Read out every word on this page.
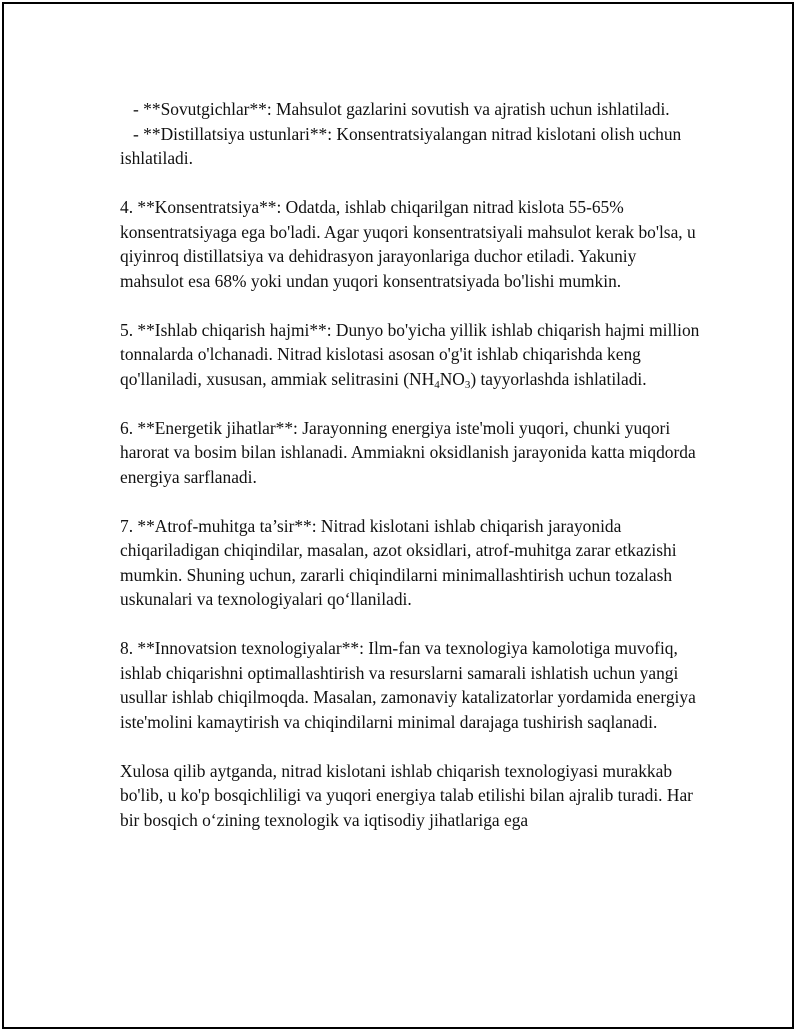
- **Sovutgichlar**: Mahsulot gazlarini sovutish va ajratish uchun ishlatiladi.

- **Distillatsiya ustunlari**: Konsentratsiyalangan nitrad kislotani olish uchun ishlatiladi.

4. **Konsentratsiya**: Odatda, ishlab chiqarilgan nitrad kislota 55-65% konsentratsiyaga ega bo'ladi. Agar yuqori konsentratsiyali mahsulot kerak bo'lsa, u qiyinroq distillatsiya va dehidrasyon jarayonlariga duchor etiladi. Yakuniy mahsulot esa 68% yoki undan yuqori konsentratsiyada bo'lishi mumkin.

5. **Ishlab chiqarish hajmi**: Dunyo bo'yicha yillik ishlab chiqarish hajmi million tonnalarda o'lchanadi. Nitrad kislotasi asosan o'g'it ishlab chiqarishda keng qo'llaniladi, xususan, ammiak selitrasini $(NH_4NO_3)$ tayyorlashda ishlatiladi.

6. **Energetik jihatlar**: Jarayonning energiya iste'moli yuqori, chunki yuqori harorat va bosim bilan ishlanadi. Ammiakni oksidlanish jarayonida katta miqdorda energiya sarflanadi.

7. **Atrof-muhitga ta’sir**: Nitrad kislotani ishlab chiqarish jarayonida chiqariladigan chiqindilar, masalan, azot oksidlari, atrof-muhitga zarar etkazishi mumkin. Shuning uchun, zararli chiqindilarni minimallashtirish uchun tozalash uskunalari va texnologiyalari qo‘llaniladi.

8. **Innovatsion texnologiyalar**: Ilm-fan va texnologiya kamolotiga muvofiq, ishlab chiqarishni optimallashtirish va resurslarni samarali ishlatish uchun yangi usullar ishlab chiqilmoqda. Masalan, zamonaviy katalizatorlar yordamida energiya iste'molini kamaytirish va chiqindilarni minimal darajaga tushirish saqlanadi.

Xulosa qilib aytganda, nitrad kislotani ishlab chiqarish texnologiyasi murakkab bo'lib, u ko'p bosqichliligi va yuqori energiya talab etilishi bilan ajralib turadi. Har bir bosqich o‘zining texnologik va iqtisodiy jihatlariga ega
